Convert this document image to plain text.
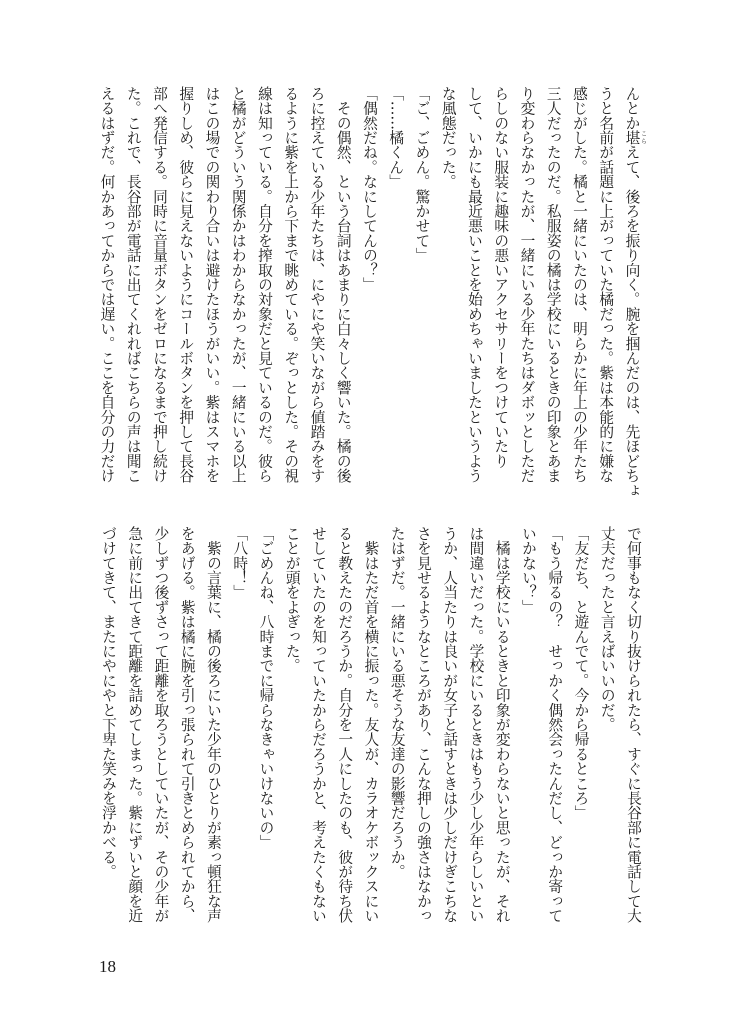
んとか堪 こらえて、後ろを振り向く。腕を掴んだのは、先ほどちょ
うと名前が話題に上がっていた橘だった。紫は本能的に嫌な
感じがした。橘と一緒にいたのは、明らかに年上の少年たち
三人だったのだ。私服姿の橘は学校にいるときの印象とあま
り変わらなかったが、一緒にいる少年たちはダボッとしただ
らしのない服装に趣味の悪いアクセサリーをつけていたり
して、いかにも最近悪いことを始めちゃいましたというよう
な風態だった。
「ご、ごめん。驚かせて」
「……橘くん」
「偶然だね。なにしてんの？」
　その偶然、という台詞はあまりに白々しく響いた。橘の後
ろに控えている少年たちは、にやにや笑いながら値踏みをす
るように紫を上から下まで眺めている。ぞっとした。その視
線は知っている。自分を搾取の対象だと見ているのだ。彼ら
と橘がどういう関係かはわからなかったが、一緒にいる以上
はこの場での関わり合いは避けたほうがいい。紫はスマホを
握りしめ、彼らに見えないようにコールボタンを押して長谷
部へ発信する。同時に音量ボタンをゼロになるまで押し続け
た。これで、長谷部が電話に出てくれればこちらの声は聞こ
えるはずだ。何かあってからでは遅い。ここを自分の力だけ
で何事もなく切り抜けられたら、すぐに長谷部に電話して大
丈夫だったと言えばいいのだ。
「友だち、と遊んでて。今から帰るところ」
「もう帰るの？　せっかく偶然会ったんだし、どっか寄って
いかない？」
　橘は学校にいるときと印象が変わらないと思ったが、それ
は間違いだった。学校にいるときはもう少し少年らしいとい
うか、人当たりは良いが女子と話すときは少しだけぎこちな
さを見せるようなところがあり、こんな押しの強さはなかっ
たはずだ。一緒にいる悪そうな友達の影響だろうか。
　紫はただ首を横に振った。友人が、カラオケボックスにい
ると教えたのだろうか。自分を一人にしたのも、彼が待ち伏
せしていたのを知っていたからだろうかと、考えたくもない
ことが頭をよぎった。
「ごめんね、八時までに帰らなきゃいけないの」
「八時！」
　紫の言葉に、橘の後ろにいた少年のひとりが素っ頓狂な声
をあげる。紫は橘に腕を引っ張られて引きとめられてから、
少しずつ後ずさって距離を取ろうとしていたが、その少年が
急に前に出てきて距離を詰めてしまった。紫にずいと顔を近
づけてきて、またにやにやと下卑た笑みを浮かべる。
18
